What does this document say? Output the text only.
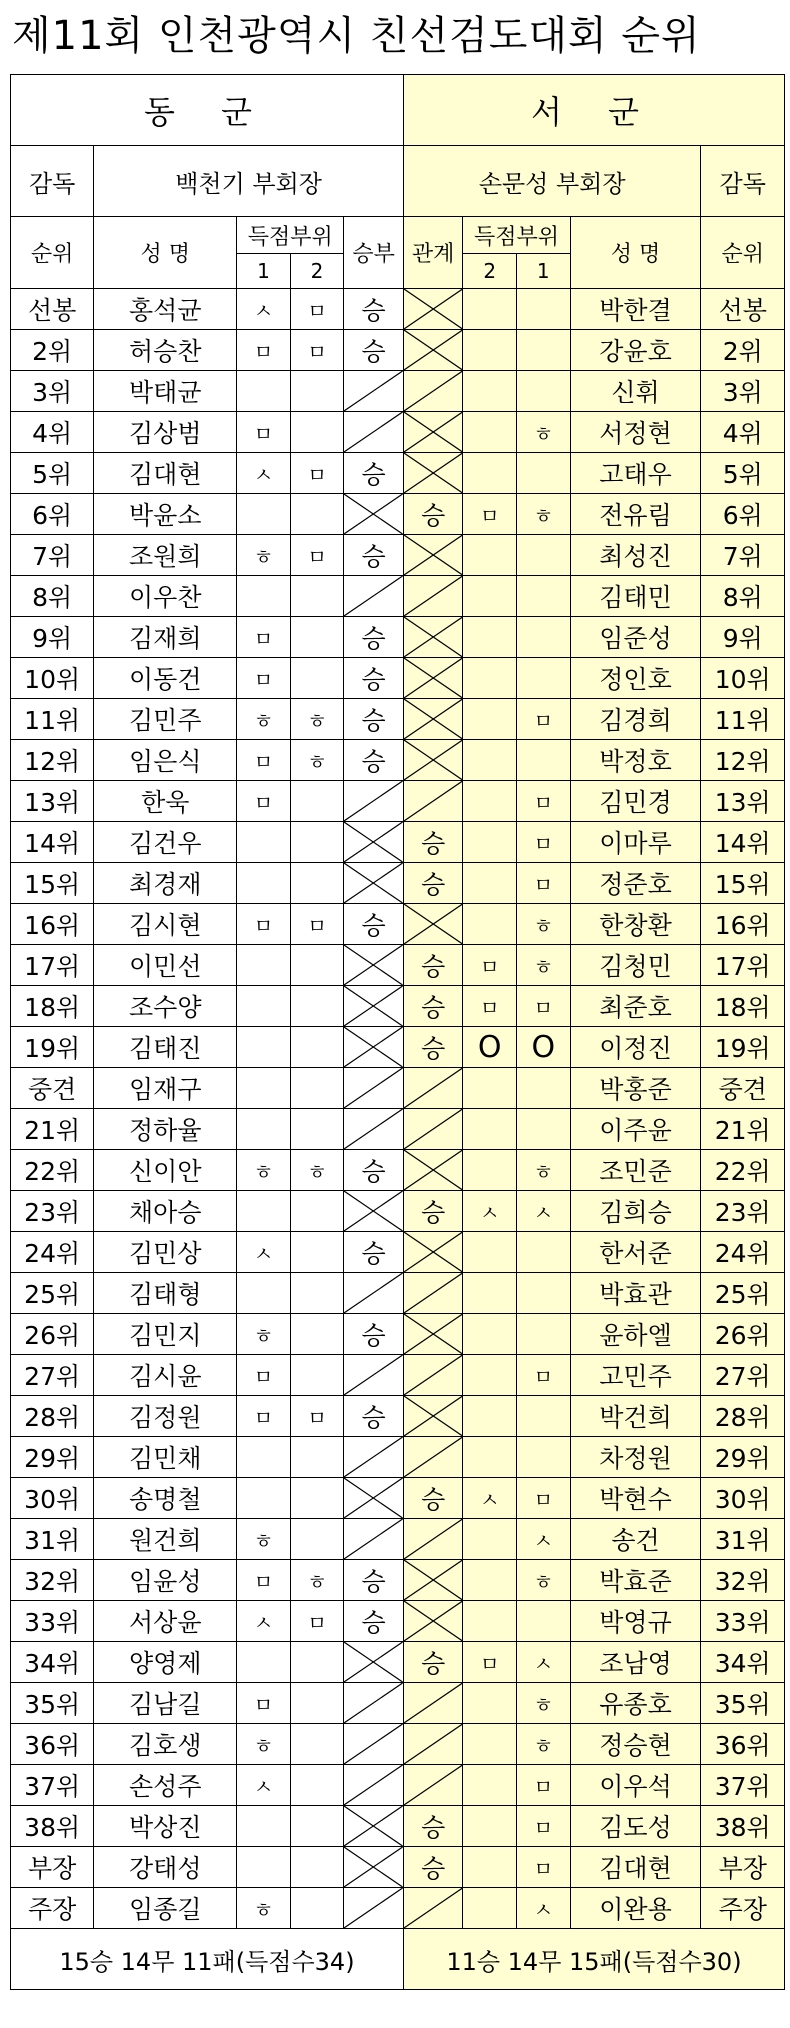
제11회 인천광역시 친선검도대회 순위
동 군					서 군				
감독	백천기 부회장				손문성 부회장				감독
순위	성 명	득점부위		승부	관계	득점부위		성 명	순위
		1	2			2	1		
선봉	홍석균	ㅅ	ㅁ	승				박한결	선봉
2위	허승찬	ㅁ	ㅁ	승				강윤호	2위
3위	박태균							신휘	3위
4위	김상범	ㅁ					ㅎ	서정현	4위
5위	김대현	ㅅ	ㅁ	승				고태우	5위
6위	박윤소				승	ㅁ	ㅎ	전유림	6위
7위	조원희	ㅎ	ㅁ	승				최성진	7위
8위	이우찬							김태민	8위
9위	김재희	ㅁ		승				임준성	9위
10위	이동건	ㅁ		승				정인호	10위
11위	김민주	ㅎ	ㅎ	승			ㅁ	김경희	11위
12위	임은식	ㅁ	ㅎ	승				박정호	12위
13위	한욱	ㅁ					ㅁ	김민경	13위
14위	김건우				승		ㅁ	이마루	14위
15위	최경재				승		ㅁ	정준호	15위
16위	김시현	ㅁ	ㅁ	승			ㅎ	한창환	16위
17위	이민선				승	ㅁ	ㅎ	김청민	17위
18위	조수양				승	ㅁ	ㅁ	최준호	18위
19위	김태진				승	O	O	이정진	19위
중견	임재구							박홍준	중견
21위	정하율							이주윤	21위
22위	신이안	ㅎ	ㅎ	승			ㅎ	조민준	22위
23위	채아승				승	ㅅ	ㅅ	김희승	23위
24위	김민상	ㅅ		승				한서준	24위
25위	김태형							박효관	25위
26위	김민지	ㅎ		승				윤하엘	26위
27위	김시윤	ㅁ					ㅁ	고민주	27위
28위	김정원	ㅁ	ㅁ	승				박건희	28위
29위	김민채							차정원	29위
30위	송명철				승	ㅅ	ㅁ	박현수	30위
31위	원건희	ㅎ					ㅅ	송건	31위
32위	임윤성	ㅁ	ㅎ	승			ㅎ	박효준	32위
33위	서상윤	ㅅ	ㅁ	승				박영규	33위
34위	양영제				승	ㅁ	ㅅ	조남영	34위
35위	김남길	ㅁ					ㅎ	유종호	35위
36위	김호생	ㅎ					ㅎ	정승현	36위
37위	손성주	ㅅ					ㅁ	이우석	37위
38위	박상진				승		ㅁ	김도성	38위
부장	강태성				승		ㅁ	김대현	부장
주장	임종길	ㅎ					ㅅ	이완용	주장
15승 14무 11패(득점수34)					11승 14무 15패(득점수30)				
